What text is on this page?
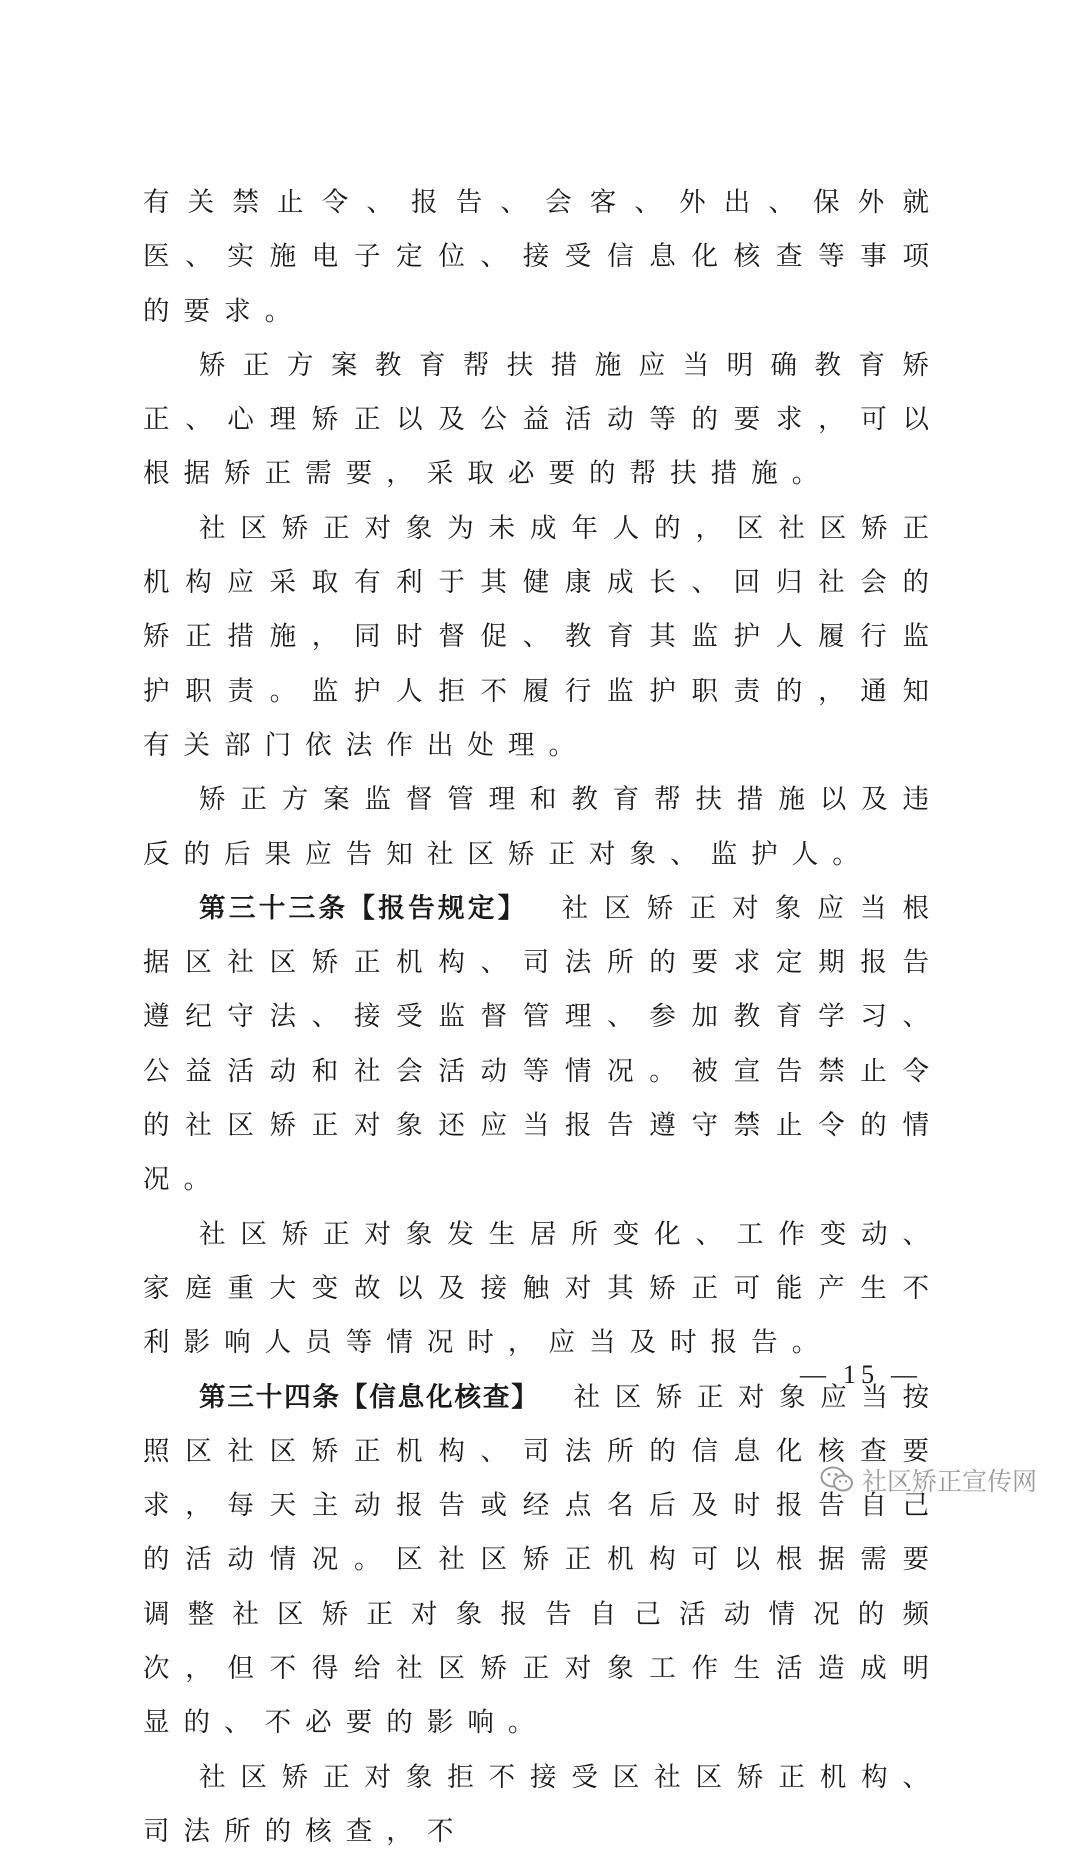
有关禁止令、报告、会客、外出、保外就医、实施电子定位、接受信息化核查等事项的要求。

矫正方案教育帮扶措施应当明确教育矫正、心理矫正以及公益活动等的要求，可以根据矫正需要，采取必要的帮扶措施。

社区矫正对象为未成年人的，区社区矫正机构应采取有利于其健康成长、回归社会的矫正措施，同时督促、教育其监护人履行监护职责。监护人拒不履行监护职责的，通知有关部门依法作出处理。

矫正方案监督管理和教育帮扶措施以及违反的后果应告知社区矫正对象、监护人。

第三十三条【报告规定】 社区矫正对象应当根据区社区矫正机构、司法所的要求定期报告遵纪守法、接受监督管理、参加教育学习、公益活动和社会活动等情况。被宣告禁止令的社区矫正对象还应当报告遵守禁止令的情况。

社区矫正对象发生居所变化、工作变动、家庭重大变故以及接触对其矫正可能产生不利影响人员等情况时，应当及时报告。

第三十四条【信息化核查】 社区矫正对象应当按照区社区矫正机构、司法所的信息化核查要求，每天主动报告或经点名后及时报告自己的活动情况。区社区矫正机构可以根据需要调整社区矫正对象报告自己活动情况的频次，但不得给社区矫正对象工作生活造成明显的、不必要的影响。

社区矫正对象拒不接受区社区矫正机构、司法所的核查，不

— 15 —
社区矫正宣传网
